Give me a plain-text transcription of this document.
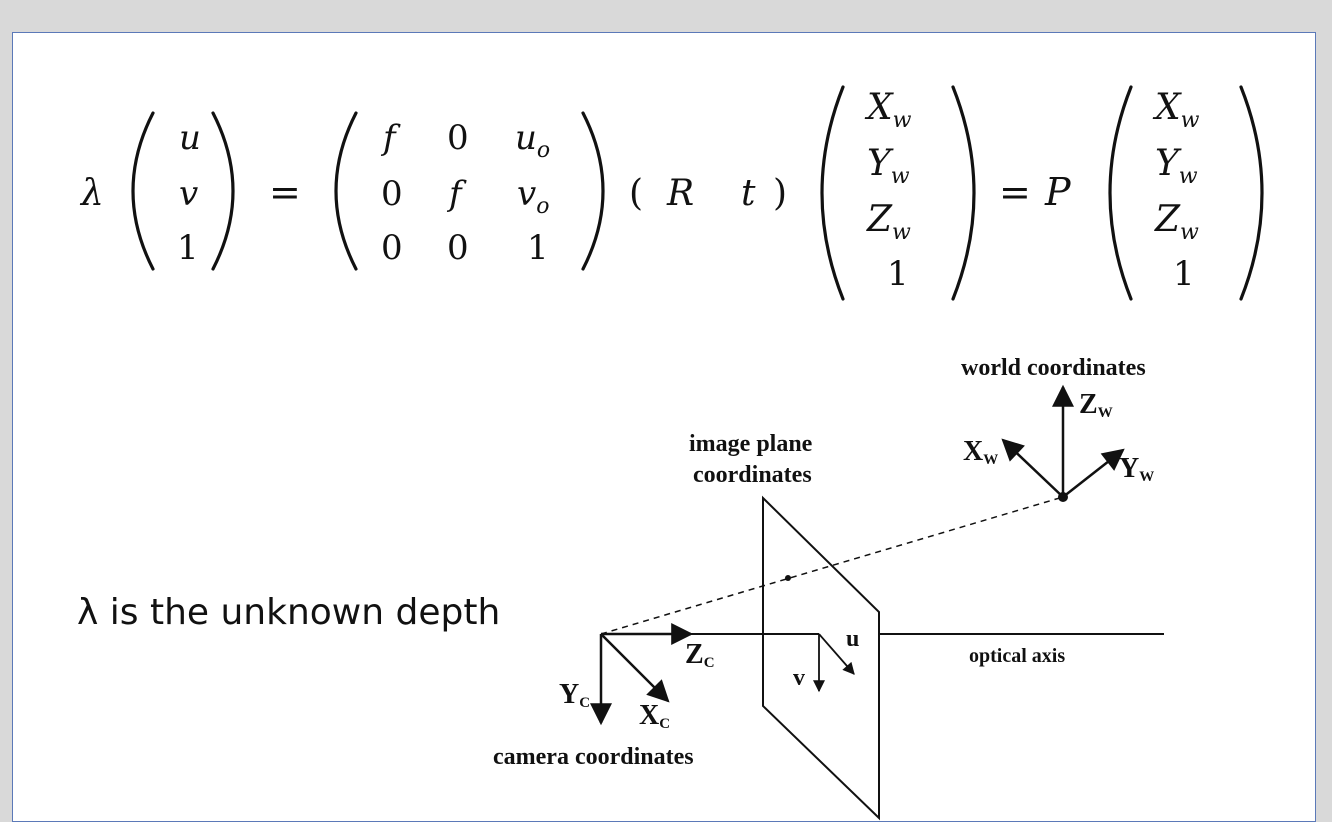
λ
u
v
1
=
f 0 $u_o$
0 f $v_o$
0 0 1
( R t )
$X_w$
$Y_w$
$Z_w$
1
= P
$X_w$
$Y_w$
$Z_w$
1
λ is the unknown depth
world coordinates
ZW
XW	YW
image plane
coordinates
ZC
YC XC
u
v
optical axis
camera coordinates
